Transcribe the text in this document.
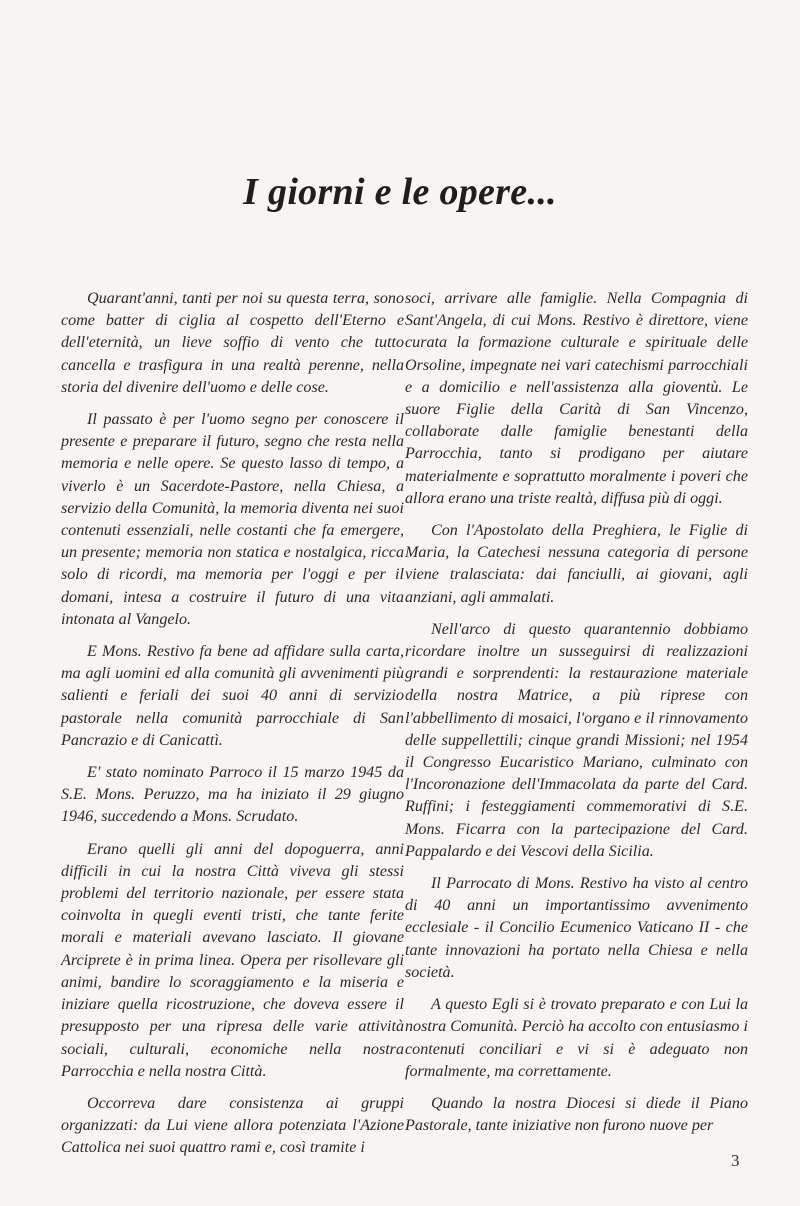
I giorni e le opere...

Quarant'anni, tanti per noi su questa terra, sono come batter di ciglia al cospetto dell'Eterno e dell'eternità, un lieve soffio di vento che tutto cancella e trasfigura in una realtà perenne, nella storia del divenire dell'uomo e delle cose.

Il passato è per l'uomo segno per conoscere il presente e preparare il futuro, segno che resta nella memoria e nelle opere. Se questo lasso di tempo, a viverlo è un Sacerdote-Pastore, nella Chiesa, a servizio della Comunità, la memoria diventa nei suoi contenuti essenziali, nelle costanti che fa emergere, un presente; memoria non statica e nostalgica, ricca solo di ricordi, ma memoria per l'oggi e per il domani, intesa a costruire il futuro di una vita intonata al Vangelo.

E Mons. Restivo fa bene ad affidare sulla carta, ma agli uomini ed alla comunità gli avvenimenti più salienti e feriali dei suoi 40 anni di servizio pastorale nella comunità parrocchiale di San Pancrazio e di Canicattì.

E' stato nominato Parroco il 15 marzo 1945 da S.E. Mons. Peruzzo, ma ha iniziato il 29 giugno 1946, succedendo a Mons. Scrudato.

Erano quelli gli anni del dopoguerra, anni difficili in cui la nostra Città viveva gli stessi problemi del territorio nazionale, per essere stata coinvolta in quegli eventi tristi, che tante ferite morali e materiali avevano lasciato. Il giovane Arciprete è in prima linea. Opera per risollevare gli animi, bandire lo scoraggiamento e la miseria e iniziare quella ricostruzione, che doveva essere il presupposto per una ripresa delle varie attività sociali, culturali, economiche nella nostra Parrocchia e nella nostra Città.

Occorreva dare consistenza ai gruppi organizzati: da Lui viene allora potenziata l'Azione Cattolica nei suoi quattro rami e, così tramite i

soci, arrivare alle famiglie. Nella Compagnia di Sant'Angela, di cui Mons. Restivo è direttore, viene curata la formazione culturale e spirituale delle Orsoline, impegnate nei vari catechismi parrocchiali e a domicilio e nell'assistenza alla gioventù. Le suore Figlie della Carità di San Vincenzo, collaborate dalle famiglie benestanti della Parrocchia, tanto si prodigano per aiutare materialmente e soprattutto moralmente i poveri che allora erano una triste realtà, diffusa più di oggi.

Con l'Apostolato della Preghiera, le Figlie di Maria, la Catechesi nessuna categoria di persone viene tralasciata: dai fanciulli, ai giovani, agli anziani, agli ammalati.

Nell'arco di questo quarantennio dobbiamo ricordare inoltre un susseguirsi di realizzazioni grandi e sorprendenti: la restaurazione materiale della nostra Matrice, a più riprese con l'abbellimento di mosaici, l'organo e il rinnovamento delle suppellettili; cinque grandi Missioni; nel 1954 il Congresso Eucaristico Mariano, culminato con l'Incoronazione dell'Immacolata da parte del Card. Ruffini; i festeggiamenti commemorativi di S.E. Mons. Ficarra con la partecipazione del Card. Pappalardo e dei Vescovi della Sicilia.

Il Parrocato di Mons. Restivo ha visto al centro di 40 anni un importantissimo avvenimento ecclesiale - il Concilio Ecumenico Vaticano II - che tante innovazioni ha portato nella Chiesa e nella società.

A questo Egli si è trovato preparato e con Lui la nostra Comunità. Perciò ha accolto con entusiasmo i contenuti conciliari e vi si è adeguato non formalmente, ma correttamente.

Quando la nostra Diocesi si diede il Piano Pastorale, tante iniziative non furono nuove per

3
